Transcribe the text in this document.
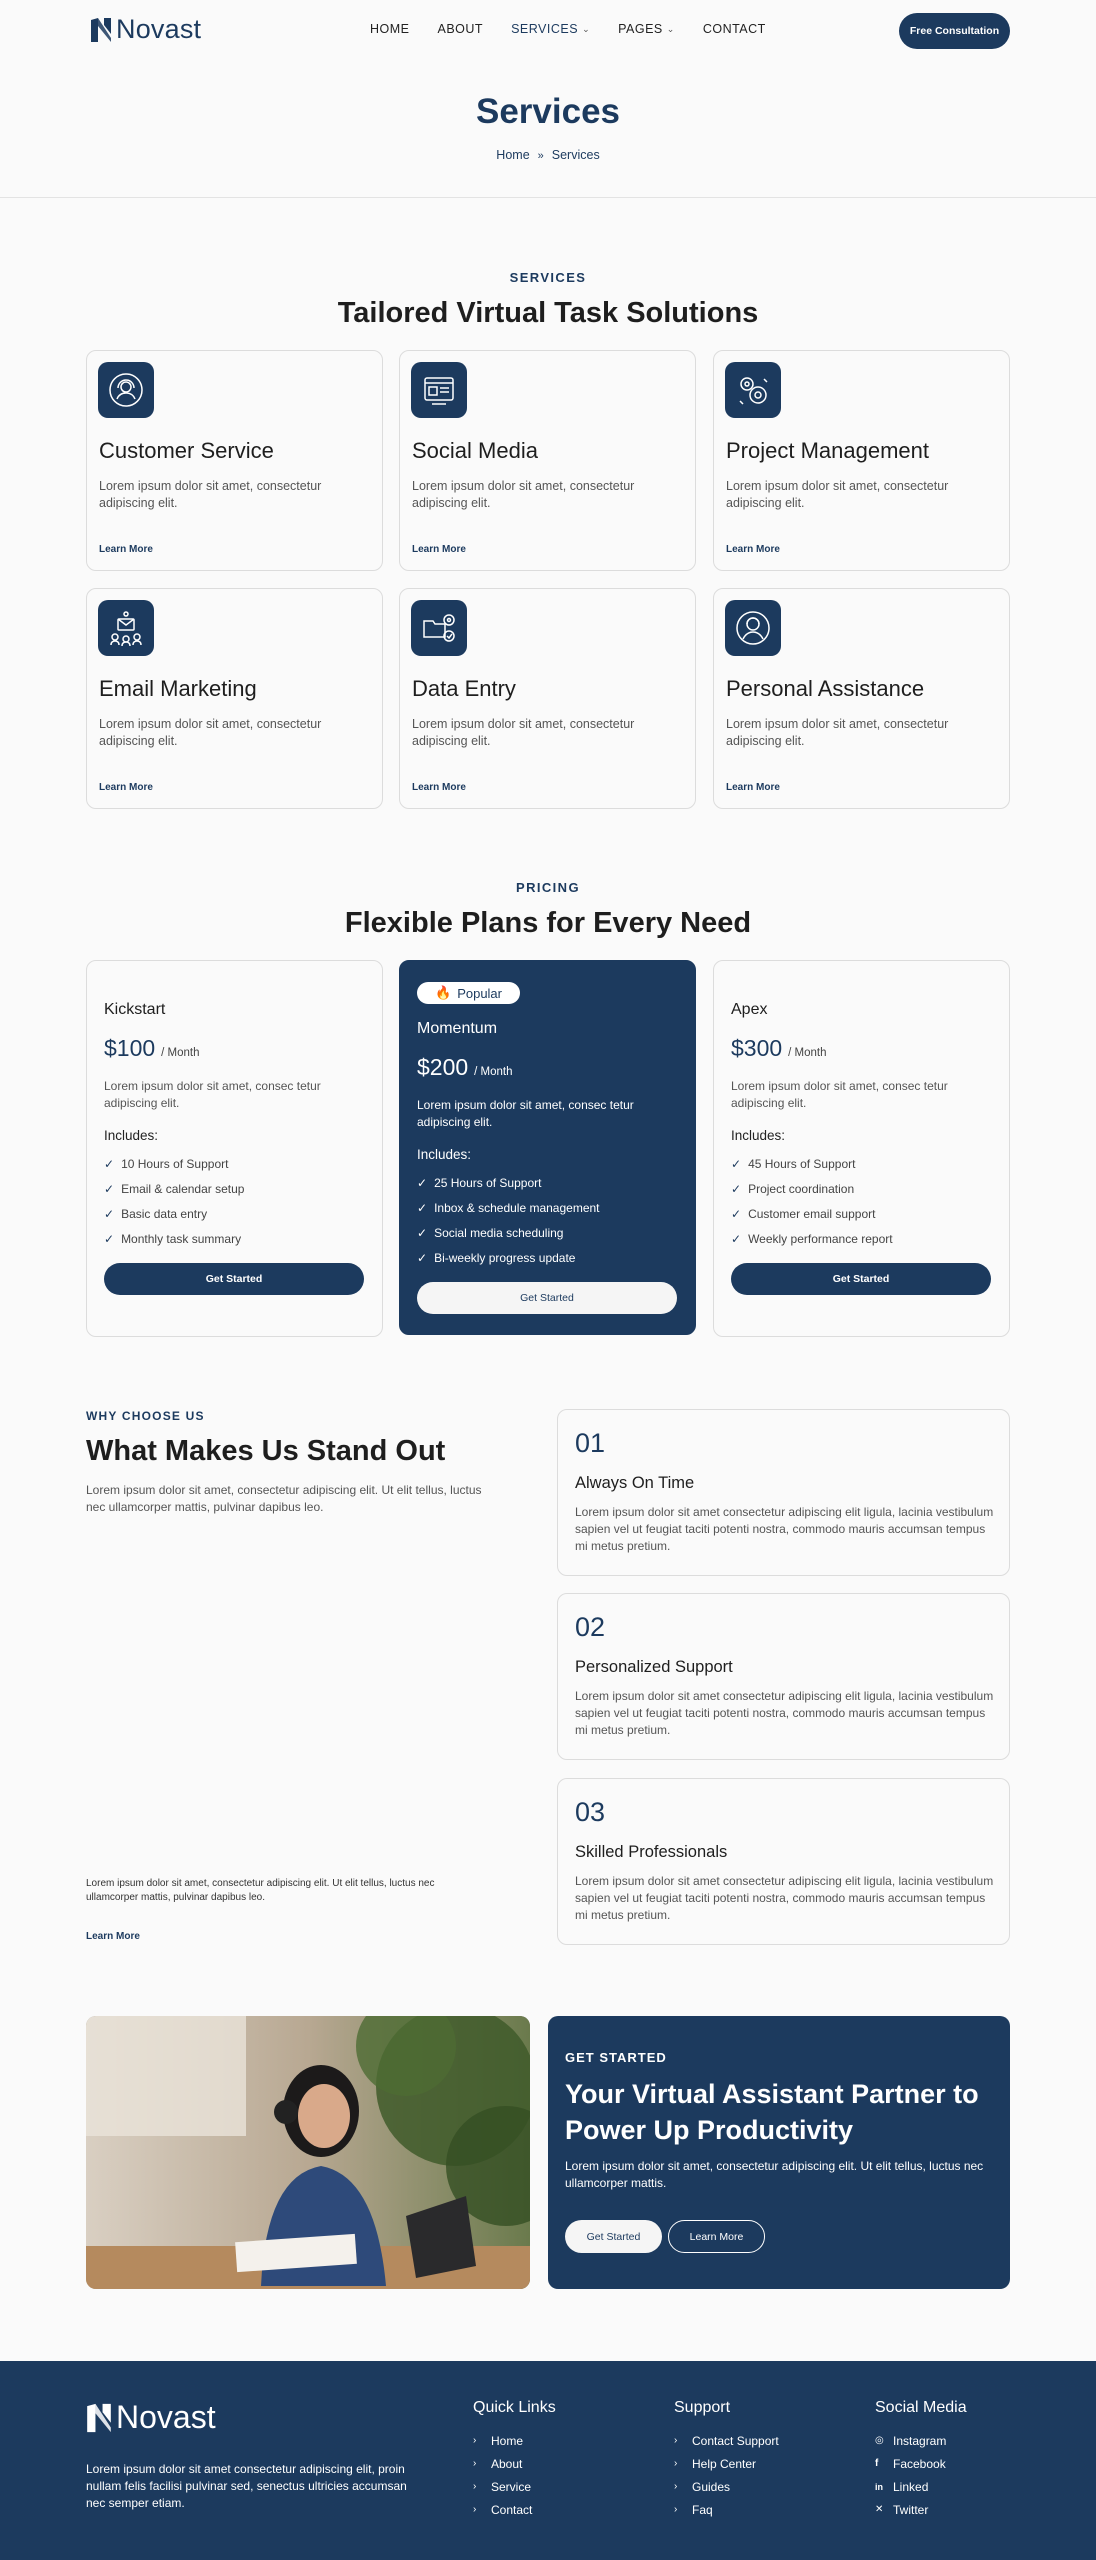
Novast	HOME ABOUT SERVICES ⌄ PAGES ⌄ CONTACT	Free Consultation
Services
Home » Services
SERVICES
Tailored Virtual Task Solutions
Customer Service
Lorem ipsum dolor sit amet, consectetur adipiscing elit.
Learn More
Social Media
Lorem ipsum dolor sit amet, consectetur adipiscing elit.
Learn More
Project Management
Lorem ipsum dolor sit amet, consectetur adipiscing elit.
Learn More
Email Marketing
Lorem ipsum dolor sit amet, consectetur adipiscing elit.
Learn More
Data Entry
Lorem ipsum dolor sit amet, consectetur adipiscing elit.
Learn More
Personal Assistance
Lorem ipsum dolor sit amet, consectetur adipiscing elit.
Learn More
PRICING
Flexible Plans for Every Need
Kickstart
$100 / Month
Lorem ipsum dolor sit amet, consec tetur adipiscing elit.
Includes:
✓ 10 Hours of Support
✓ Email & calendar setup
✓ Basic data entry
✓ Monthly task summary
Get Started
🔥 Popular
Momentum
$200 / Month
Lorem ipsum dolor sit amet, consec tetur adipiscing elit.
Includes:
✓ 25 Hours of Support
✓ Inbox & schedule management
✓ Social media scheduling
✓ Bi-weekly progress update
Get Started
Apex
$300 / Month
Lorem ipsum dolor sit amet, consec tetur adipiscing elit.
Includes:
✓ 45 Hours of Support
✓ Project coordination
✓ Customer email support
✓ Weekly performance report
Get Started
WHY CHOOSE US
What Makes Us Stand Out
Lorem ipsum dolor sit amet, consectetur adipiscing elit. Ut elit tellus, luctus nec ullamcorper mattis, pulvinar dapibus leo.
Lorem ipsum dolor sit amet, consectetur adipiscing elit. Ut elit tellus, luctus nec ullamcorper mattis, pulvinar dapibus leo.
Learn More
01
Always On Time
Lorem ipsum dolor sit amet consectetur adipiscing elit ligula, lacinia vestibulum sapien vel ut feugiat taciti potenti nostra, commodo mauris accumsan tempus mi metus pretium.
02
Personalized Support
Lorem ipsum dolor sit amet consectetur adipiscing elit ligula, lacinia vestibulum sapien vel ut feugiat taciti potenti nostra, commodo mauris accumsan tempus mi metus pretium.
03
Skilled Professionals
Lorem ipsum dolor sit amet consectetur adipiscing elit ligula, lacinia vestibulum sapien vel ut feugiat taciti potenti nostra, commodo mauris accumsan tempus mi metus pretium.
GET STARTED
Your Virtual Assistant Partner to Power Up Productivity
Lorem ipsum dolor sit amet, consectetur adipiscing elit. Ut elit tellus, luctus nec ullamcorper mattis.
Get Started	Learn More
Novast
Lorem ipsum dolor sit amet consectetur adipiscing elit, proin nullam felis facilisi pulvinar sed, senectus ultricies accumsan nec semper etiam.
Quick Links
›	Home
›	About
›	Service
›	Contact
Support
›	Contact Support
›	Help Center
›	Guides
›	Faq
Social Media
◎ Instagram
f	Facebook
in Linked
✕ Twitter
